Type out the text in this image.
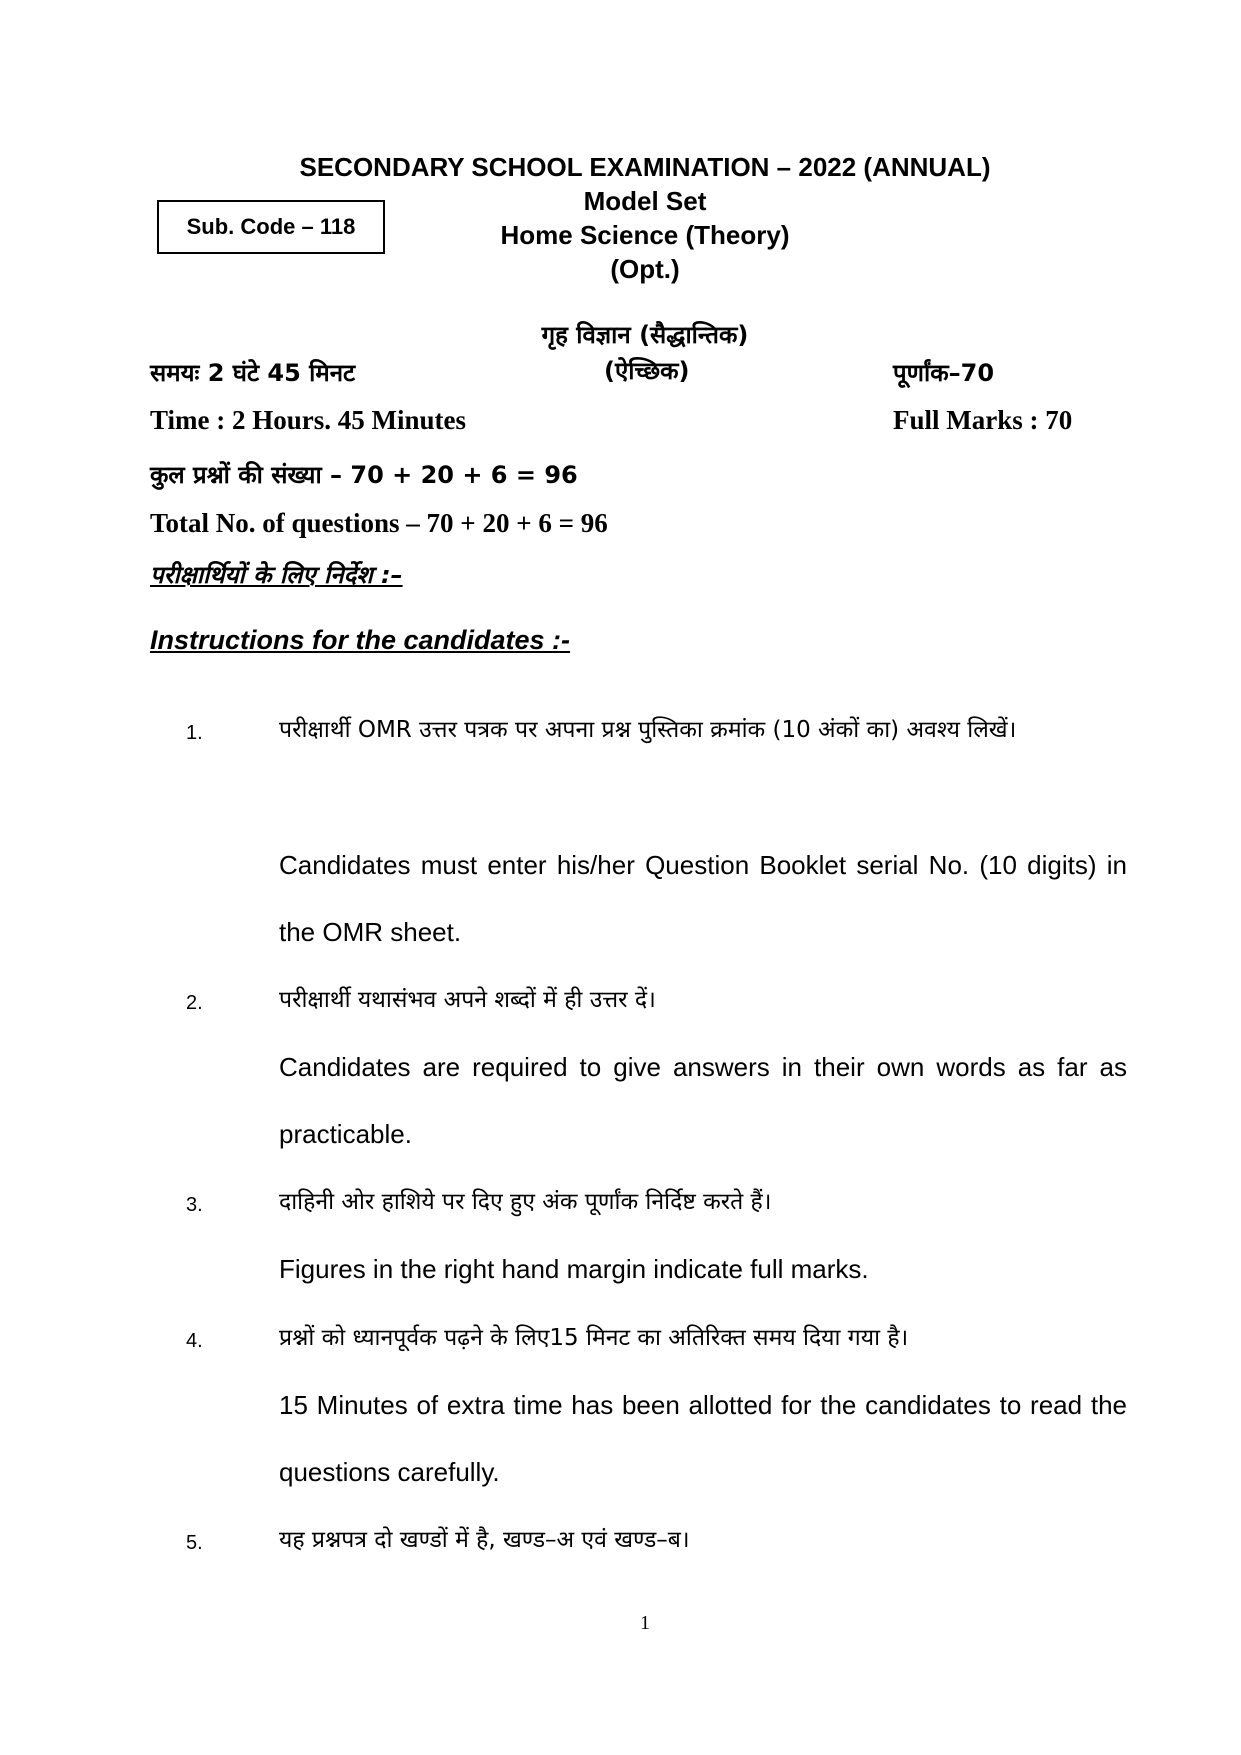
SECONDARY SCHOOL EXAMINATION – 2022 (ANNUAL)
Model Set
Home Science (Theory)
(Opt.)
Sub. Code – 118
गृह विज्ञान (सैद्धान्तिक)
(ऐच्छिक)
समयः 2 घंटे 45 मिनट	पूर्णांक–70
Time : 2 Hours. 45 Minutes	Full Marks : 70
कुल प्रश्नों की संख्या – 70 + 20 + 6 = 96
Total No. of questions – 70 + 20 + 6 = 96
परीक्षार्थियों के लिए निर्देश :–
Instructions for the candidates :-
1.	परीक्षार्थी OMR उत्तर पत्रक पर अपना प्रश्न पुस्तिका क्रमांक (10 अंकों का) अवश्य लिखें।
Candidates must enter his/her Question Booklet serial No. (10 digits) in the OMR sheet.
2.	परीक्षार्थी यथासंभव अपने शब्दों में ही उत्तर दें।
Candidates are required to give answers in their own words as far as practicable.
3.	दाहिनी ओर हाशिये पर दिए हुए अंक पूर्णांक निर्दिष्ट करते हैं।
Figures in the right hand margin indicate full marks.
4.	प्रश्नों को ध्यानपूर्वक पढ़ने के लिए15 मिनट का अतिरिक्त समय दिया गया है।
15 Minutes of extra time has been allotted for the candidates to read the questions carefully.
5.	यह प्रश्नपत्र दो खण्डों में है, खण्ड–अ एवं खण्ड–ब।
1
